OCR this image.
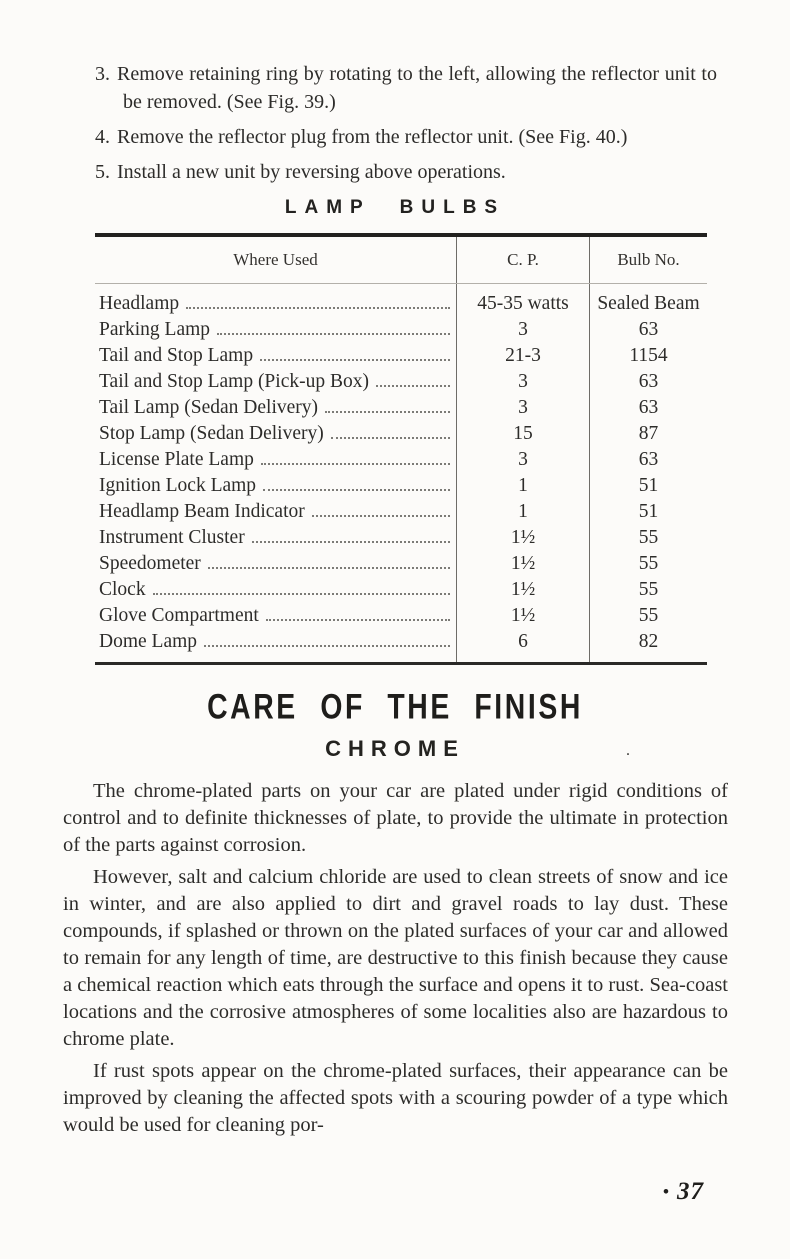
3. Remove retaining ring by rotating to the left, allowing the reflector unit to be removed. (See Fig. 39.)
4. Remove the reflector plug from the reflector unit. (See Fig. 40.)
5. Install a new unit by reversing above operations.
LAMP BULBS
Where Used	C. P.	Bulb No.
Headlamp	45-35 watts	Sealed Beam
Parking Lamp	3	63
Tail and Stop Lamp	21-3	1154
Tail and Stop Lamp (Pick-up Box)	3	63
Tail Lamp (Sedan Delivery)	3	63
Stop Lamp (Sedan Delivery)	15	87
License Plate Lamp	3	63
Ignition Lock Lamp	1	51
Headlamp Beam Indicator	1	51
Instrument Cluster	1½	55
Speedometer	1½	55
Clock	1½	55
Glove Compartment	1½	55
Dome Lamp	6	82
CARE OF THE FINISH
CHROME	.

The chrome-plated parts on your car are plated under rigid conditions of control and to definite thicknesses of plate, to provide the ultimate in protection of the parts against corrosion.

However, salt and calcium chloride are used to clean streets of snow and ice in winter, and are also applied to dirt and gravel roads to lay dust. These compounds, if splashed or thrown on the plated surfaces of your car and allowed to remain for any length of time, are destructive to this finish because they cause a chemical reaction which eats through the surface and opens it to rust. Sea-coast locations and the corrosive atmospheres of some localities also are hazardous to chrome plate.

If rust spots appear on the chrome-plated surfaces, their appearance can be improved by cleaning the affected spots with a scouring powder of a type which would be used for cleaning por-

• 37
